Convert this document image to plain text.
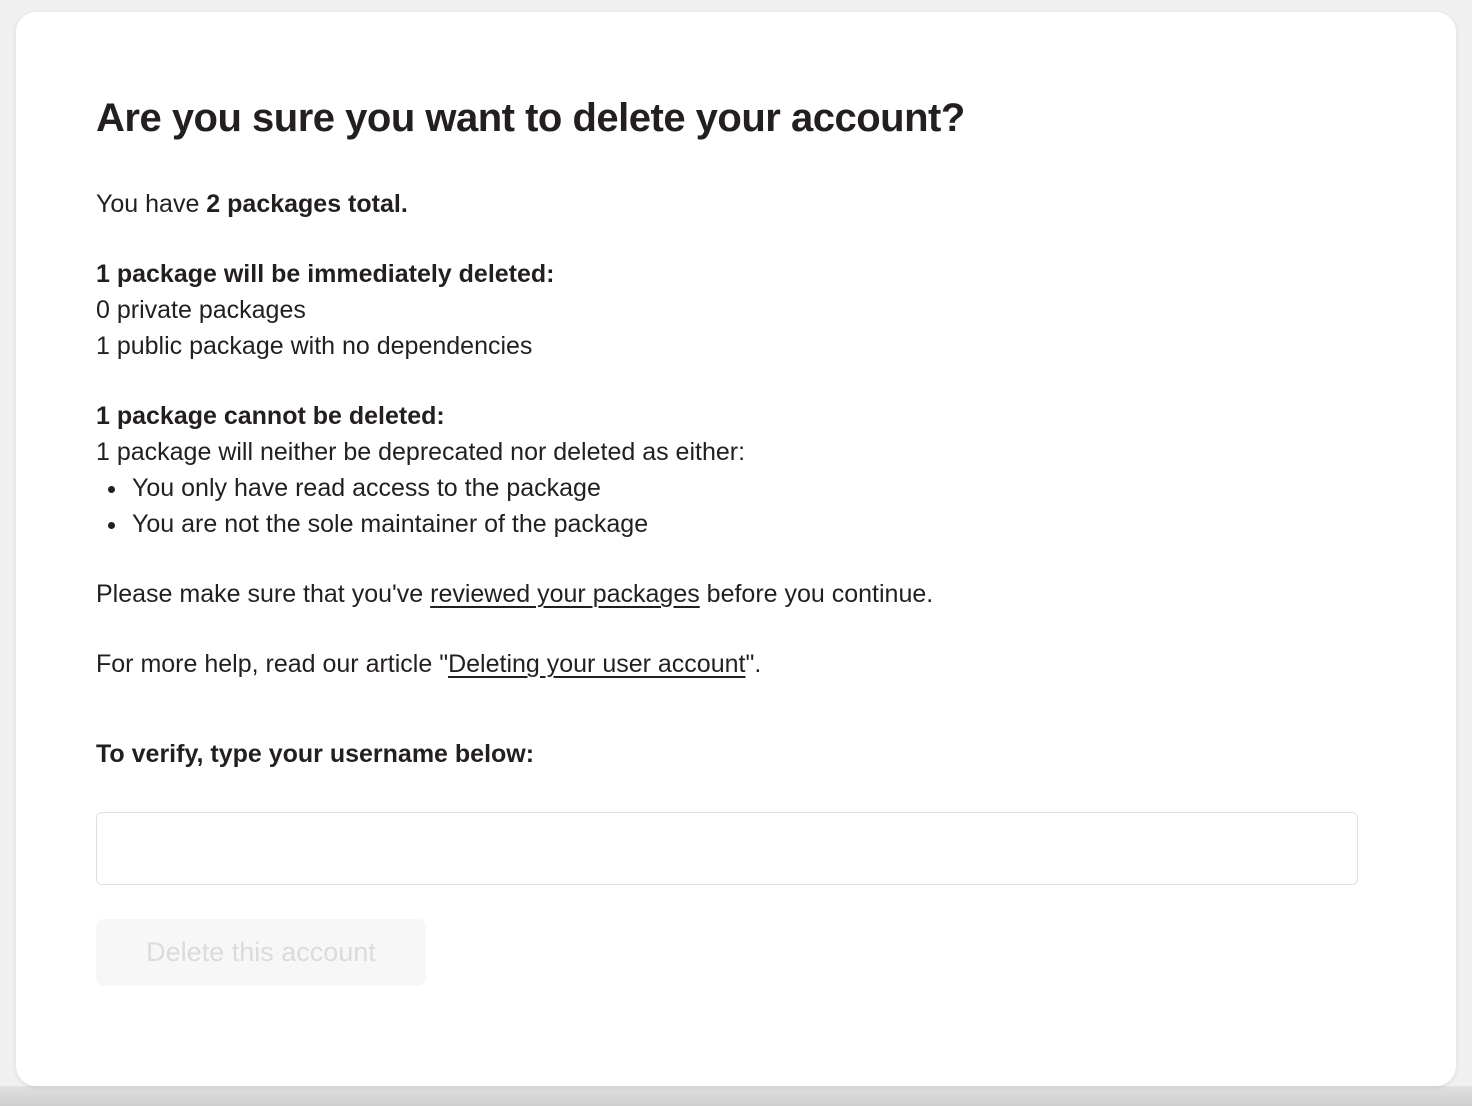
Are you sure you want to delete your account?

You have 2 packages total.

1 package will be immediately deleted:
0 private packages
1 public package with no dependencies
1 package cannot be deleted:
1 package will neither be deprecated nor deleted as either:
• You only have read access to the package
• You are not the sole maintainer of the package

Please make sure that you've reviewed your packages before you continue.

For more help, read our article "Deleting your user account".

To verify, type your username below:

Delete this account
